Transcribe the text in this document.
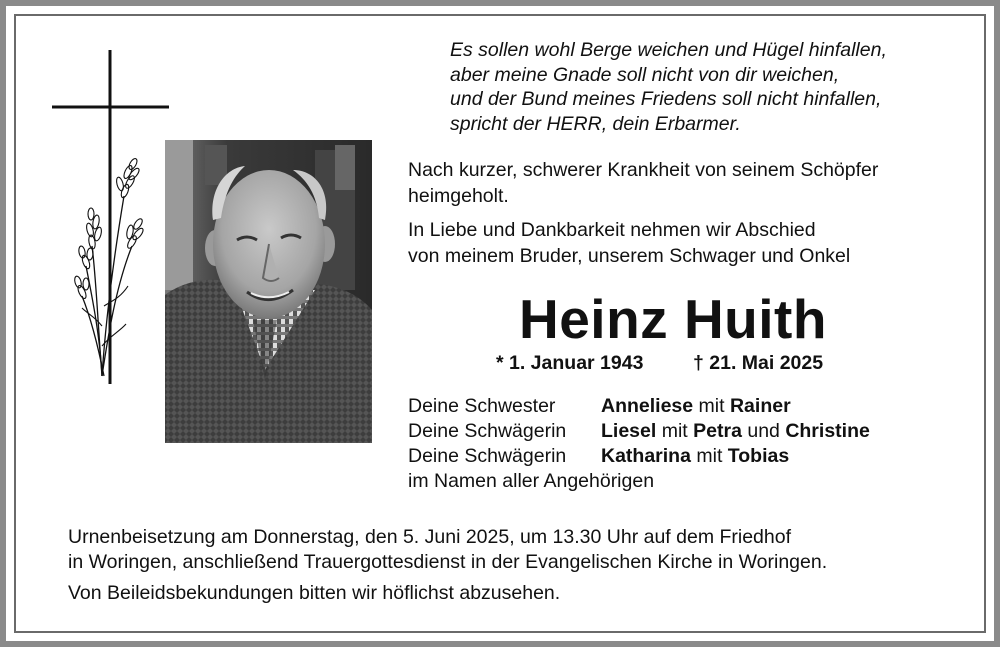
Es sollen wohl Berge weichen und Hügel hinfallen,
aber meine Gnade soll nicht von dir weichen,
und der Bund meines Friedens soll nicht hinfallen,
spricht der HERR, dein Erbarmer.
Nach kurzer, schwerer Krankheit von seinem Schöpfer
heimgeholt.
In Liebe und Dankbarkeit nehmen wir Abschied
von meinem Bruder, unserem Schwager und Onkel
Heinz Huith
* 1. Januar 1943	† 21. Mai 2025
Deine Schwester Anneliese mit Rainer
Deine Schwägerin Liesel mit Petra und Christine
Deine Schwägerin Katharina mit Tobias
im Namen aller Angehörigen
Urnenbeisetzung am Donnerstag, den 5. Juni 2025, um 13.30 Uhr auf dem Friedhof
in Woringen, anschließend Trauergottesdienst in der Evangelischen Kirche in Woringen.
Von Beileidsbekundungen bitten wir höflichst abzusehen.
